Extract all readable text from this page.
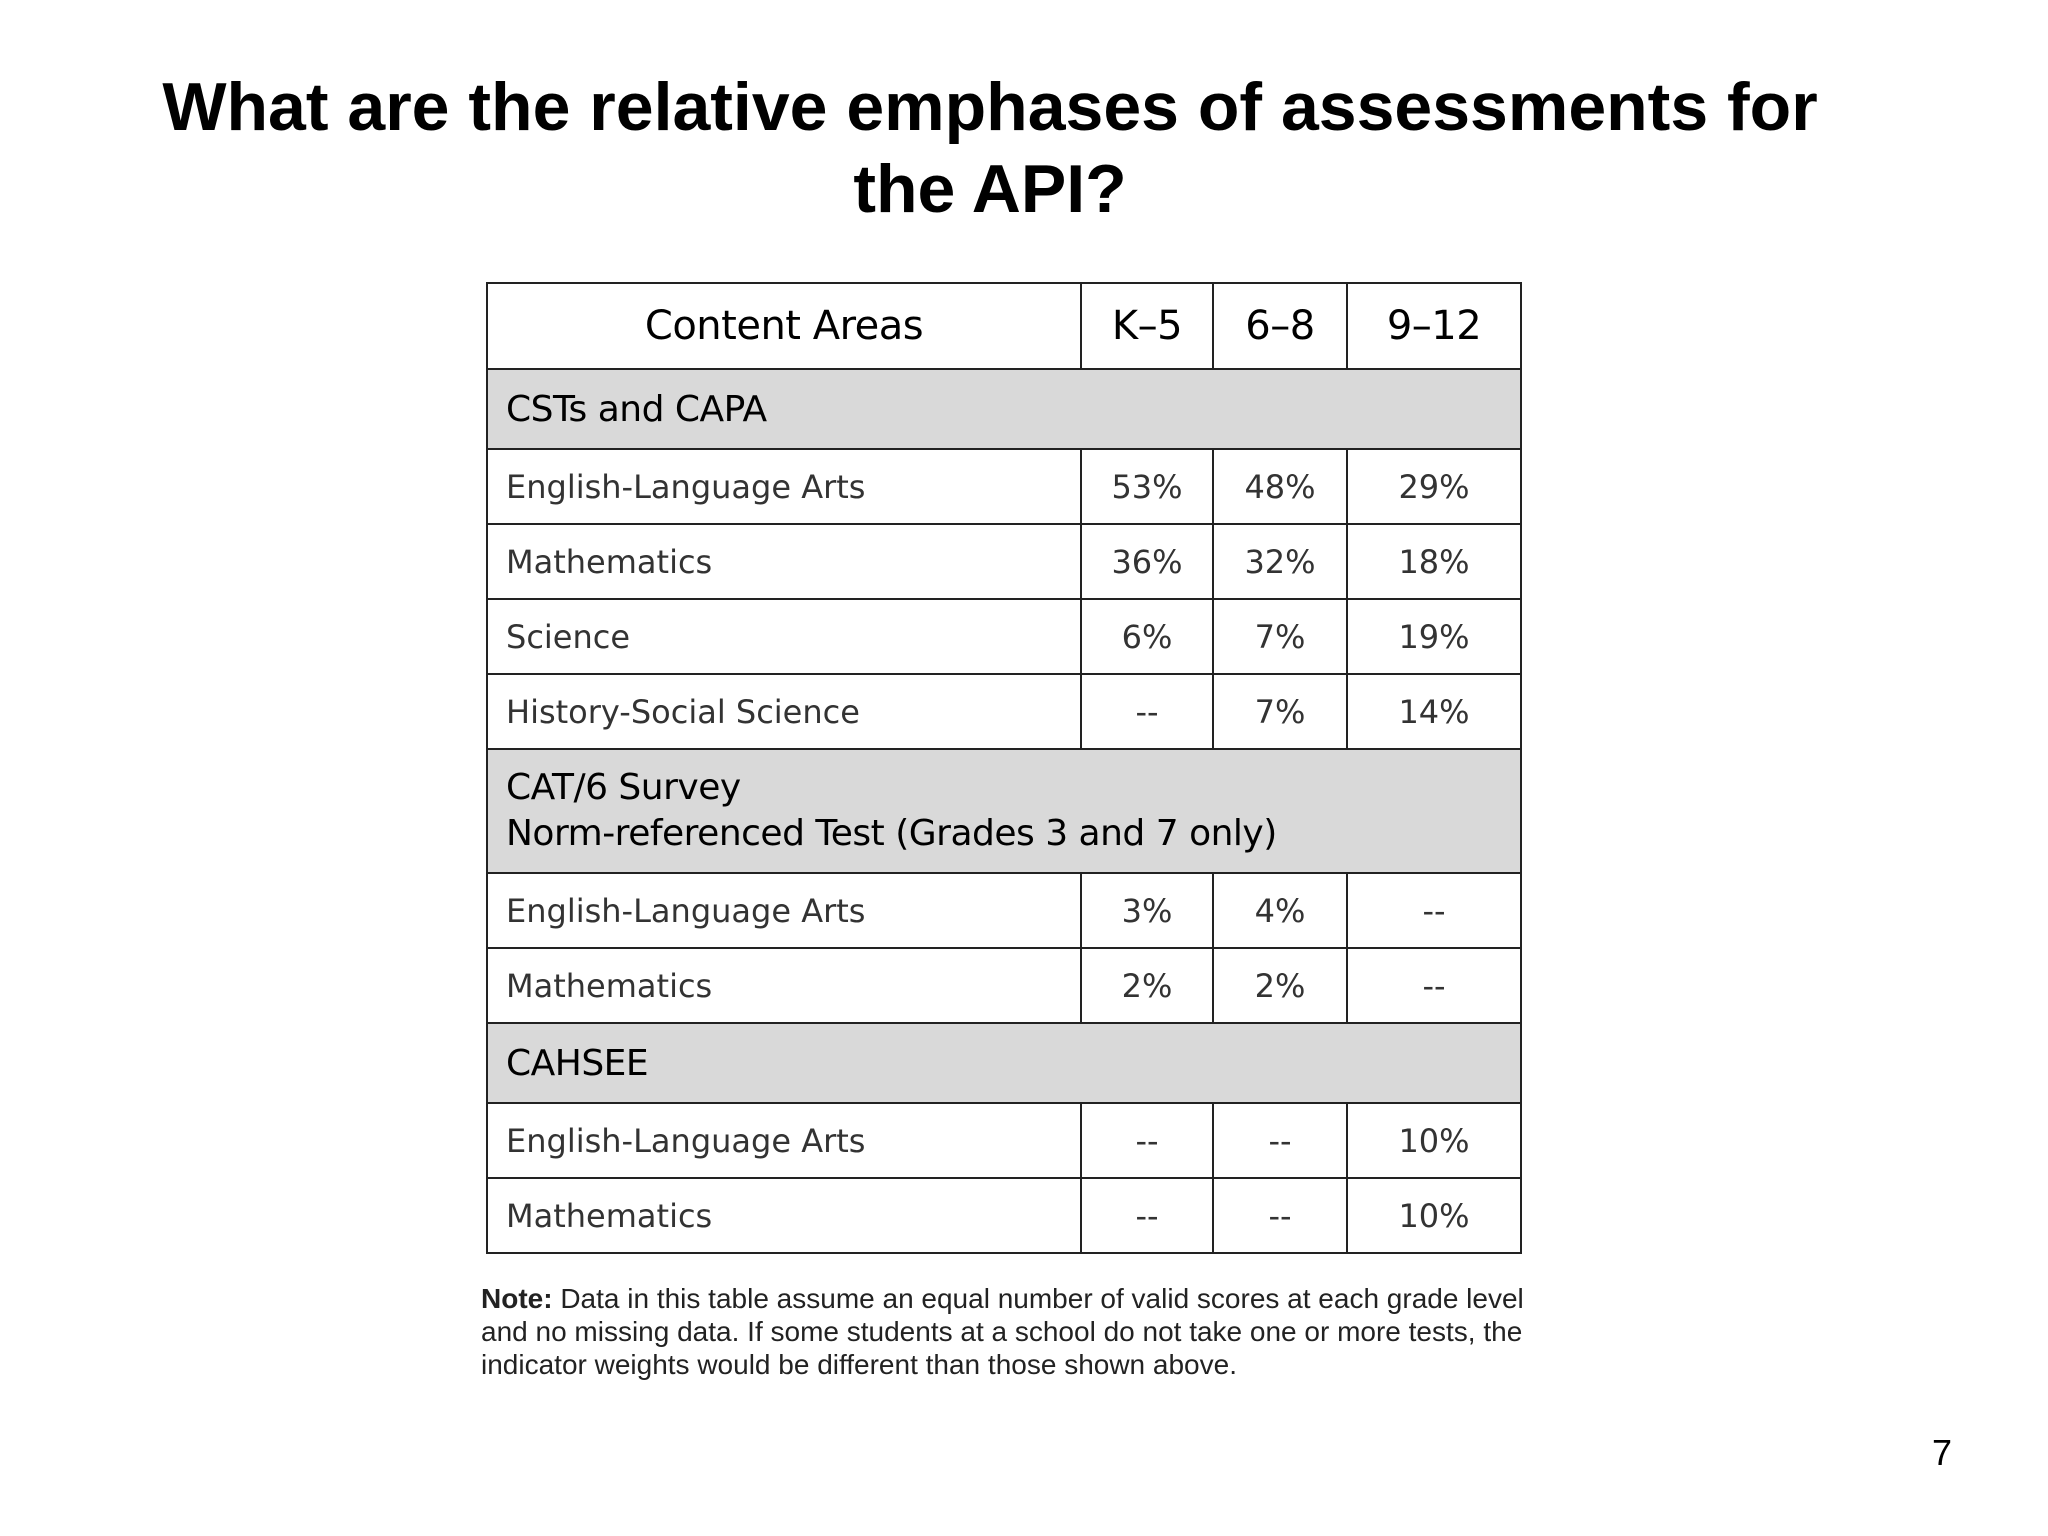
What are the relative emphases of assessments for
the API?
Content Areas	K–5	6–8	9–12
CSTs and CAPA			
English-Language Arts	53%	48%	29%
Mathematics	36%	32%	18%
Science	6%	7%	19%
History-Social Science	--	7%	14%

CAT/6 Survey
Norm-referenced Test (Grades 3 and 7 only)			

English-Language Arts	3%	4%	--
Mathematics	2%	2%	--
CAHSEE			
English-Language Arts	--	--	10%
Mathematics	--	--	10%

Note: Data in this table assume an equal number of valid scores at each grade level and no missing data. If some students at a school do not take one or more tests, the indicator weights would be different than those shown above.

7
